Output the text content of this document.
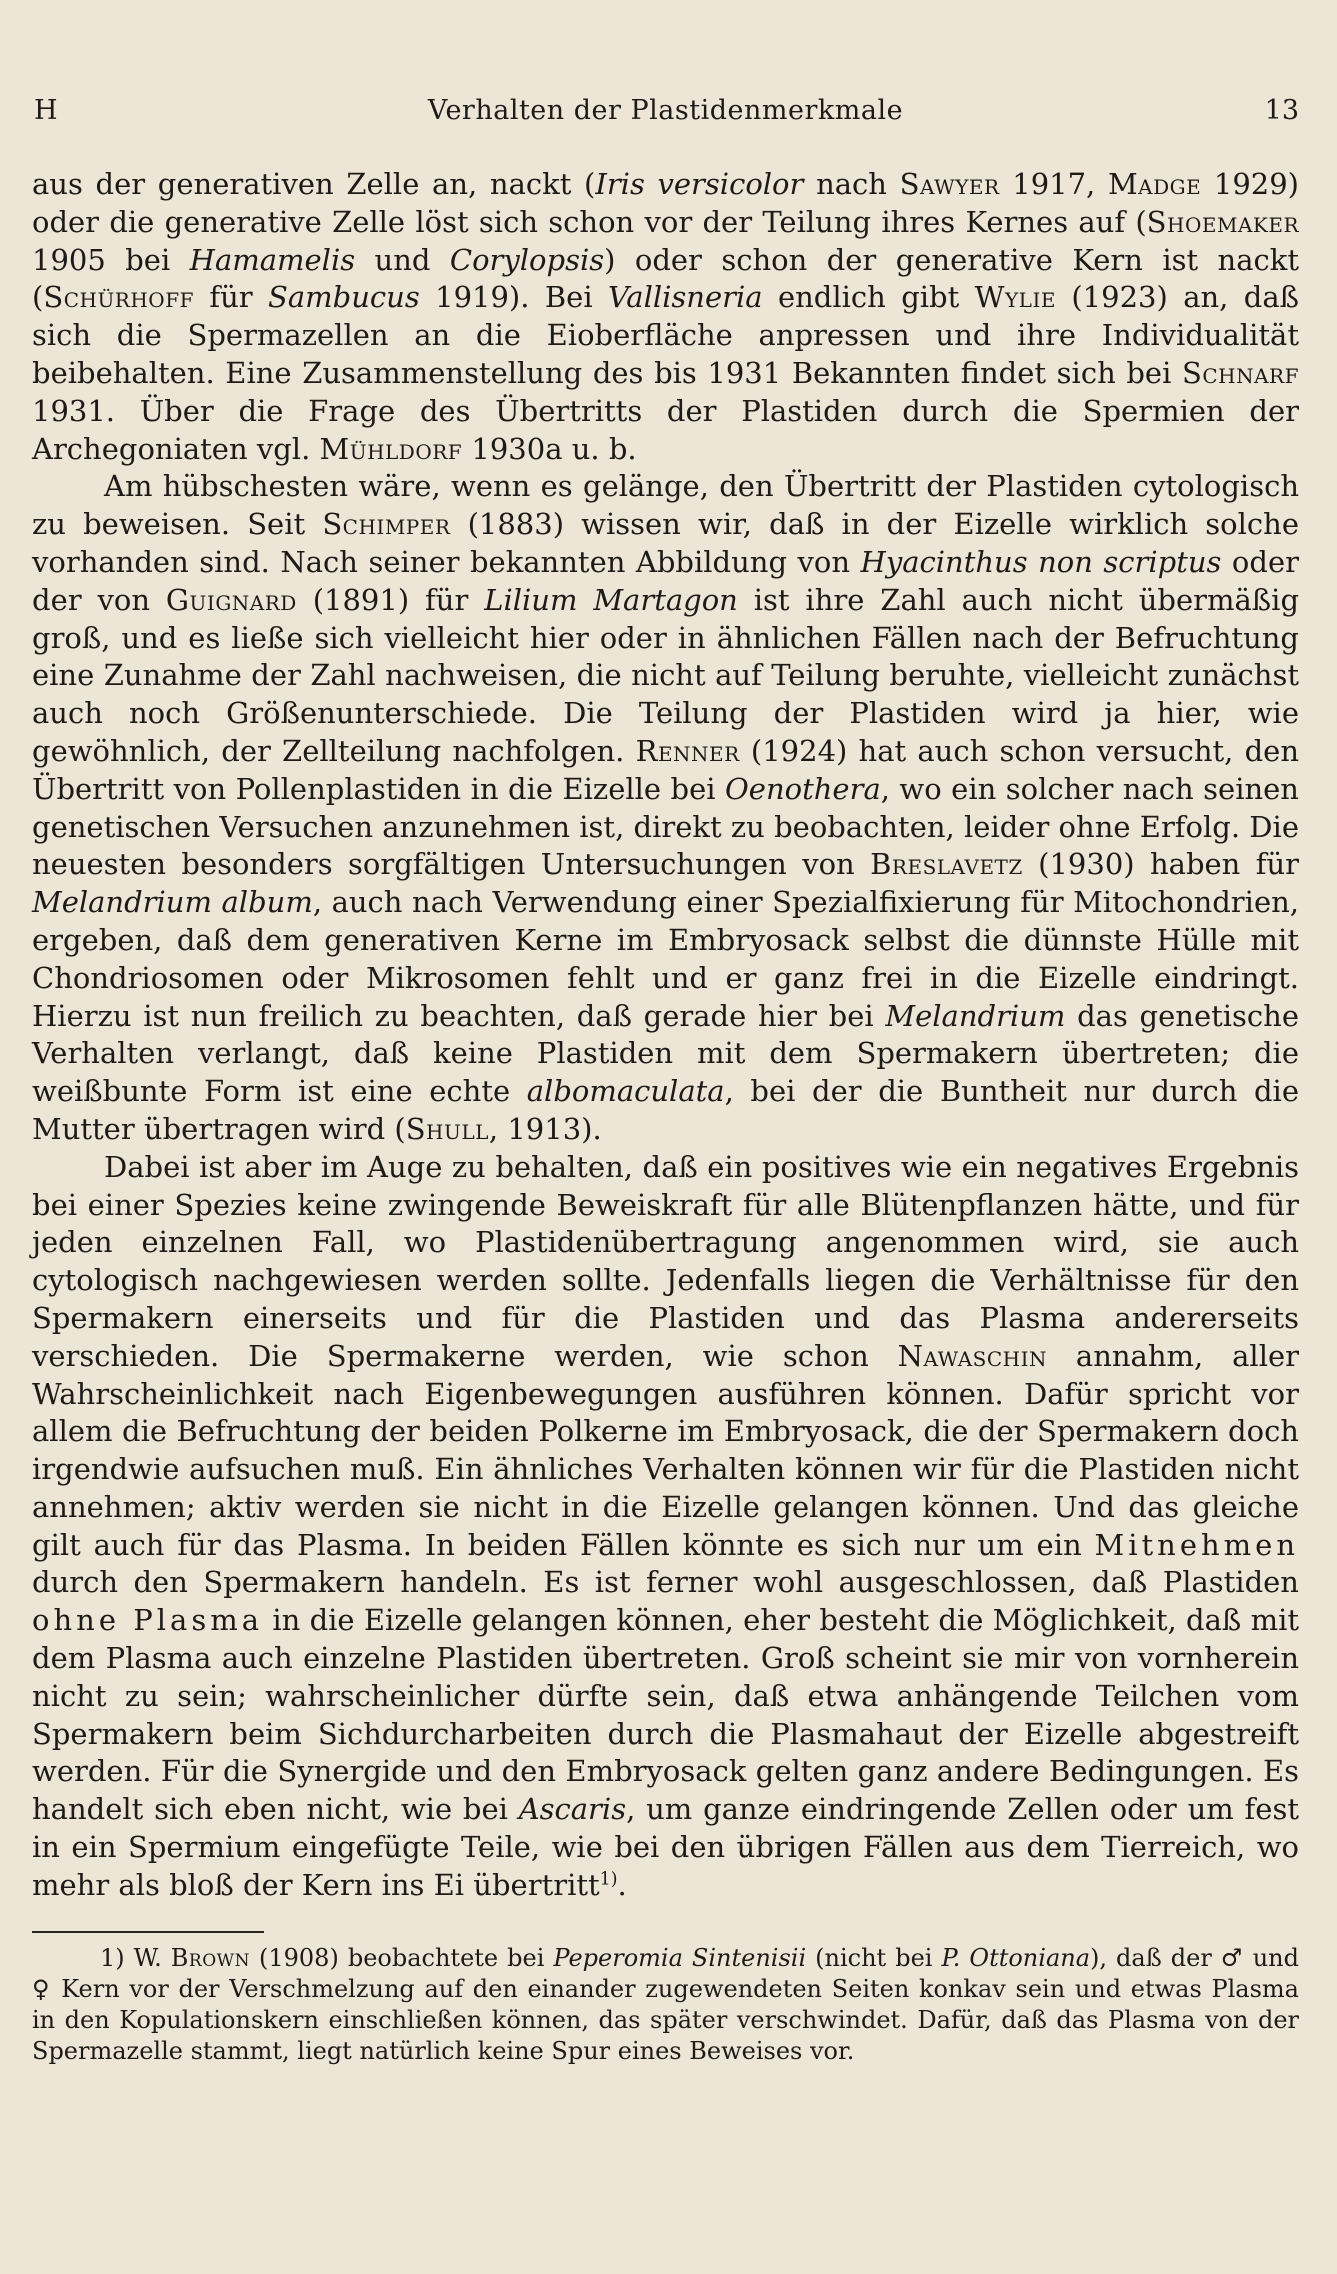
H	Verhalten der Plastidenmerkmale	13

aus der generativen Zelle an, nackt (Iris versicolor nach Sawyer 1917, Madge 1929) oder die generative Zelle löst sich schon vor der Teilung ihres Kernes auf (Shoemaker 1905 bei Hamamelis und Corylopsis) oder schon der generative Kern ist nackt (Schürhoff für Sambucus 1919). Bei Vallisneria endlich gibt Wylie (1923) an, daß sich die Spermazellen an die Eioberfläche anpressen und ihre Individualität beibehalten. Eine Zusammenstellung des bis 1931 Bekannten findet sich bei Schnarf 1931. Über die Frage des Übertritts der Plastiden durch die Spermien der Archegoniaten vgl. Mühldorf 1930a u. b.

Am hübschesten wäre, wenn es gelänge, den Übertritt der Plastiden cytologisch zu beweisen. Seit Schimper (1883) wissen wir, daß in der Eizelle wirklich solche vorhanden sind. Nach seiner bekannten Abbildung von Hyacinthus non scriptus oder der von Guignard (1891) für Lilium Martagon ist ihre Zahl auch nicht übermäßig groß, und es ließe sich vielleicht hier oder in ähnlichen Fällen nach der Befruchtung eine Zunahme der Zahl nachweisen, die nicht auf Teilung beruhte, vielleicht zunächst auch noch Größenunterschiede. Die Teilung der Plastiden wird ja hier, wie gewöhnlich, der Zellteilung nachfolgen. Renner (1924) hat auch schon versucht, den Übertritt von Pollenplastiden in die Eizelle bei Oenothera, wo ein solcher nach seinen genetischen Versuchen anzunehmen ist, direkt zu beobachten, leider ohne Erfolg. Die neuesten besonders sorgfältigen Untersuchungen von Breslavetz (1930) haben für Melandrium album, auch nach Verwendung einer Spezialfixierung für Mitochondrien, ergeben, daß dem generativen Kerne im Embryosack selbst die dünnste Hülle mit Chondriosomen oder Mikrosomen fehlt und er ganz frei in die Eizelle eindringt. Hierzu ist nun freilich zu beachten, daß gerade hier bei Melandrium das genetische Verhalten verlangt, daß keine Plastiden mit dem Spermakern übertreten; die weißbunte Form ist eine echte albomaculata, bei der die Buntheit nur durch die Mutter übertragen wird (Shull, 1913).

Dabei ist aber im Auge zu behalten, daß ein positives wie ein negatives Ergebnis bei einer Spezies keine zwingende Beweiskraft für alle Blütenpflanzen hätte, und für jeden einzelnen Fall, wo Plastidenübertragung angenommen wird, sie auch cytologisch nachgewiesen werden sollte. Jedenfalls liegen die Verhältnisse für den Spermakern einerseits und für die Plastiden und das Plasma andererseits verschieden. Die Spermakerne werden, wie schon Nawaschin annahm, aller Wahrscheinlichkeit nach Eigenbewegungen ausführen können. Dafür spricht vor allem die Befruchtung der beiden Polkerne im Embryosack, die der Spermakern doch irgendwie aufsuchen muß. Ein ähnliches Verhalten können wir für die Plastiden nicht annehmen; aktiv werden sie nicht in die Eizelle gelangen können. Und das gleiche gilt auch für das Plasma. In beiden Fällen könnte es sich nur um ein Mitnehmen durch den Spermakern handeln. Es ist ferner wohl ausgeschlossen, daß Plastiden ohne Plasma in die Eizelle gelangen können, eher besteht die Möglichkeit, daß mit dem Plasma auch einzelne Plastiden übertreten. Groß scheint sie mir von vornherein nicht zu sein; wahrscheinlicher dürfte sein, daß etwa anhängende Teilchen vom Spermakern beim Sichdurcharbeiten durch die Plasmahaut der Eizelle abgestreift werden. Für die Synergide und den Embryosack gelten ganz andere Bedingungen. Es handelt sich eben nicht, wie bei Ascaris, um ganze eindringende Zellen oder um fest in ein Spermium eingefügte Teile, wie bei den übrigen Fällen aus dem Tierreich, wo mehr als bloß der Kern ins Ei übertritt$^{1)}$.

1) W. Brown (1908) beobachtete bei Peperomia Sintenisii (nicht bei P. Ottoniana), daß der ♂ und ♀ Kern vor der Verschmelzung auf den einander zugewendeten Seiten konkav sein und etwas Plasma in den Kopulationskern einschließen können, das später verschwindet. Dafür, daß das Plasma von der Spermazelle stammt, liegt natürlich keine Spur eines Beweises vor.
